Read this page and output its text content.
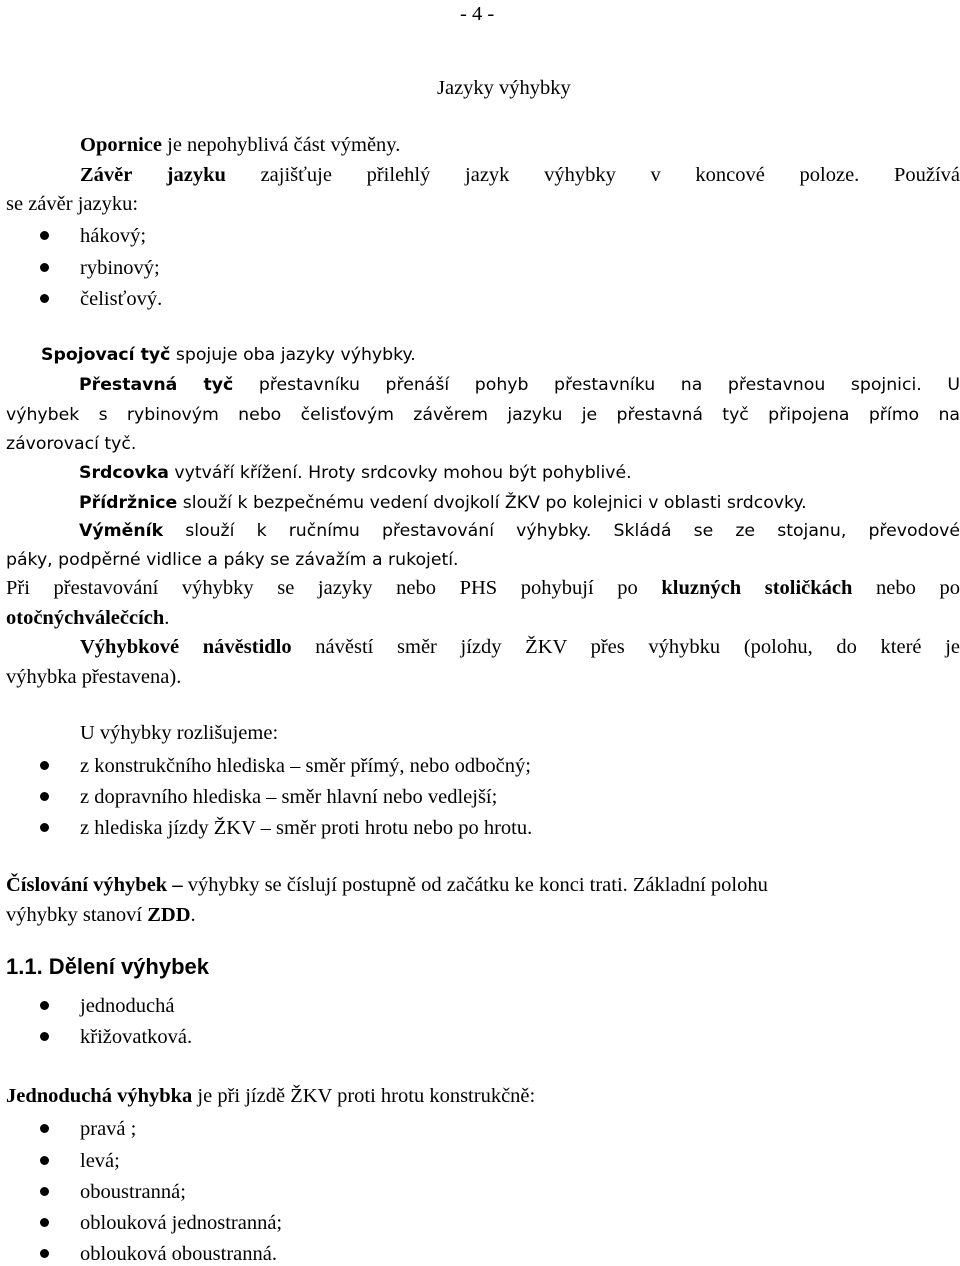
- 4 -
Jazyky výhybky
Opornice je nepohyblivá část výměny.
Závěr jazyku zajišťuje přilehlý jazyk výhybky v koncové poloze. Používá
se závěr jazyku:
hákový;
rybinový;
čelisťový.
Spojovací tyč spojuje oba jazyky výhybky.
Přestavná tyč přestavníku přenáší pohyb přestavníku na přestavnou spojnici. U
výhybek s rybinovým nebo čelisťovým závěrem jazyku je přestavná tyč připojena přímo na
závorovací tyč.
Srdcovka vytváří křížení. Hroty srdcovky mohou být pohyblivé.
Přídržnice slouží k bezpečnému vedení dvojkolí ŽKV po kolejnici v oblasti srdcovky.
Výměník slouží k ručnímu přestavování výhybky. Skládá se ze stojanu, převodové
páky, podpěrné vidlice a páky se závažím a rukojetí.
Při přestavování výhybky se jazyky nebo PHS pohybují po kluzných stoličkách nebo po
otočnýchválečcích.
Výhybkové návěstidlo návěstí směr jízdy ŽKV přes výhybku (polohu, do které je
výhybka přestavena).
U výhybky rozlišujeme:
z konstrukčního hlediska – směr přímý, nebo odbočný;
z dopravního hlediska – směr hlavní nebo vedlejší;
z hlediska jízdy ŽKV – směr proti hrotu nebo po hrotu.
Číslování výhybek – výhybky se číslují postupně od začátku ke konci trati. Základní polohu
výhybky stanoví ZDD.
1.1. Dělení výhybek
jednoduchá
křižovatková.
Jednoduchá výhybka je při jízdě ŽKV proti hrotu konstrukčně:
pravá ;
levá;
oboustranná;
oblouková jednostranná;
oblouková oboustranná.
